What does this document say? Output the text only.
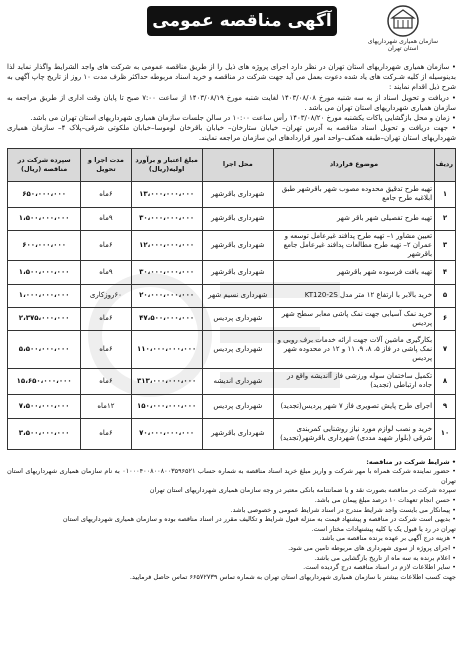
آگهی مناقصه عمومی
سازمان همیاری شهرداریهای
استان تهران

• سازمان همیاری شهرداریهای استان تهران در نظر دارد اجرای پروژه های ذیل را از طریق مناقصه عمومی به شرکت های واجد الشرایط واگذار نماید لذا بدینوسیله از کلیه شـرکت های یاد شده دعوت بعمل می آید جهت شرکت در مناقصه و خرید اسناد مربوطه حداکثر ظرف مدت ۱۰ روز از تاریخ چاپ آگهی به شرح ذیل اقدام نمایند :

• دریافت و تحویل اسناد از به سه شنبه مورخ ۱۴۰۳/۰۸/۰۸ لغایت شنبه مورخ ۱۴۰۳/۰۸/۱۹ از ساعت ۷:۰۰ صبح تا پایان وقت اداری از طریق مراجعه به سازمان همیاری شهرداریهای استان تهران می باشد .

• زمان و محل بازگشایی پاکات یکشنبه مورخ ۱۴۰۳/۰۸/۲۰ رأس ساعت ۱۰:۰۰ در سالن جلسات سازمان همیاری شهرداریهای استان تهران می باشد.

• جهت دریافت و تحویل اسناد مناقصه به آدرس تهران– خیابان ستارخان– خیابان باقرخان لوموسا–خیابان ملکوتی شرقی–پلاک ۴– سازمان همیاری شهرداریهای استان تهران–طبقه همکف–واحد امور قراردادهای این سازمان مراجعه نمایند.

ردیف	موضوع قرارداد	محل اجرا	مبلغ اعتبار و برآورد اولیه(ریال)	مدت اجرا و تحویل	سپرده شرکت در مناقصه (ریال)
۱	تهیه طرح تدقیق محدوده مصوب شهر باقرشهر طبق ابلاغیه طرح جامع	شهرداری باقرشهر	۱۳،۰۰۰،۰۰۰،۰۰۰	۶ماه	۶۵۰،۰۰۰،۰۰۰
۲	تهیه طرح تفصیلی شهر باقر شهر	شهرداری باقرشهر	۳۰،۰۰۰،۰۰۰،۰۰۰	۹ماه	۱،۵۰۰،۰۰۰،۰۰۰
۳	تعیین مشاور ۱– تهیه طرح پدافند غیرعامل توسعه و عمران ۲– تهیه طرح مطالعات پدافند غیرعامل جامع باقرشهر	شهرداری باقرشهر	۱۲،۰۰۰،۰۰۰،۰۰۰	۶ماه	۶۰۰،۰۰۰،۰۰۰
۴	تهیه بافت فرسوده شهر باقرشهر	شهرداری باقرشهر	۳۰،۰۰۰،۰۰۰،۰۰۰	۹ماه	۱،۵۰۰،۰۰۰،۰۰۰
۵	خرید بالابر با ارتفاع ۱۲ متر مدل KT120-2S	شهرداری نسیم شهر	۲۰،۰۰۰،۰۰۰،۰۰۰	۶۰روزکاری	۱،۰۰۰،۰۰۰،۰۰۰
۶	خرید نمک آسیابی جهت نمک پاشی معابر سطح شهر پردیس	شهرداری پردیس	۴۷،۵۰۰،۰۰۰،۰۰۰	۶ماه	۲،۳۷۵،۰۰۰،۰۰۰
۷	بکارگیری ماشین آلات جهت ارائه خدمات برف روبی و نمک پاشی در فاز ۵، ۸، ۹، ۱۱ و ۱۲ در محدوده شهر پردیس	شهرداری پردیس	۱۱۰،۰۰۰،۰۰۰،۰۰۰	۶ماه	۵،۵۰۰،۰۰۰،۰۰۰
۸	تکمیل ساختمان سوله ورزشی فاز آاندیشه واقع در جاده ارتباطی (تجدید)	شهرداری اندیشه	۳۱۳،۰۰۰،۰۰۰،۰۰۰	۶ماه	۱۵،۶۵۰،۰۰۰،۰۰۰
۹	اجرای طرح پایش تصویری فاز ۷ شهر پردیس(تجدید)	شهرداری پردیس	۱۵۰،۰۰۰،۰۰۰،۰۰۰	۱۲ماه	۷،۵۰۰،۰۰۰،۰۰۰
۱۰	خرید و نصب لوازم مورد نیاز روشنایی کمربندی شرقی (بلوار شهید مددی) شهرداری باقرشهر(تجدید)	شهرداری باقرشهر	۷۰،۰۰۰،۰۰۰،۰۰۰	۶ماه	۳،۵۰۰،۰۰۰،۰۰۰

• شرایط شرکت در مناقصه:

• حضور نماینده شرکت همراه با مهر شرکت و واریز مبلغ خرید اسناد مناقصه به شماره حساب ۰۱۰۰۰۴۰۰۸۰۰۸۰۰۳۵۹۶۵۲۱ به نام سازمان همیاری شهرداریهای استان تهران

سپرده شرکت در مناقصه بصورت نقد و یا ضمانتنامه بانکی معتبر در وجه سازمان همیاری شهرداریهای استان تهران

• حسن انجام تعهدات ۱۰ درصد مبلغ پیمان می باشد.

• پیمانکار می بایست واجد شرایط مندرج در اسناد شرایط عمومی و خصوصی باشد.

• بدیهی است شرکت در مناقصه و پیشنهاد قیمت به منزله قبول شرایط و تکالیف مقرر در اسناد مناقصه بوده و سازمان همیاری شهرداریهای استان

تهران در رد یا قبول یک یا کلیه پیشنهادات مختار است.

• هزینه درج آگهی بر عهده برنده مناقصه می باشد.

• اجرای پروژه از سوی شهرداری های مربوطه تامین می شود.

• اعلام برنده به سه ماه از تاریخ بازگشایی می باشد.

• سایر اطلاعات لازم در اسناد مناقصه درج گردیده است.

جهت کسب اطلاعات بیشتر با سازمان همیاری شهرداریهای استان تهران به شماره تماس ۶۶۵۷۲۷۳۹ تماس حاصل فرمایید.
